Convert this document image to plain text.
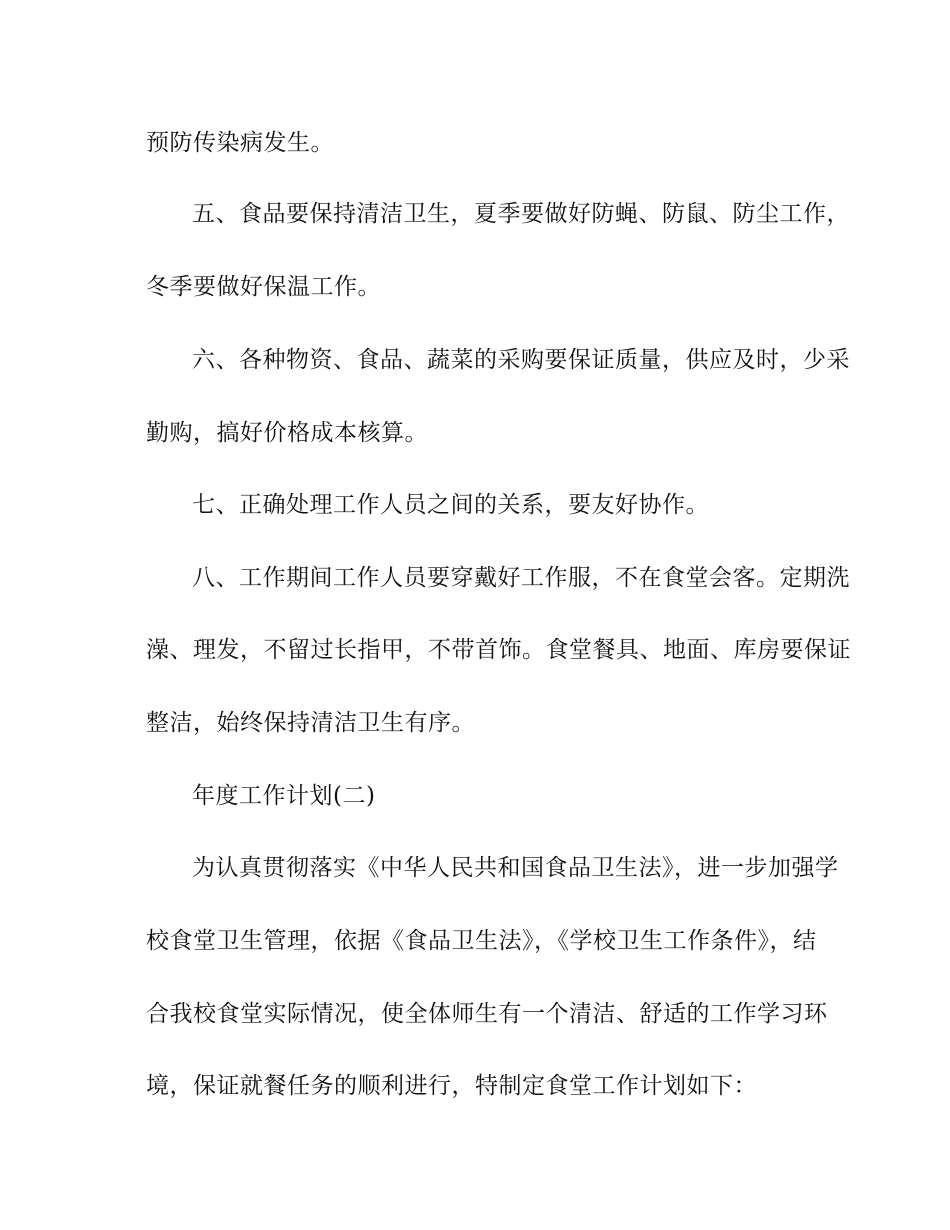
预防传染病发生。
五、食品要保持清洁卫生，夏季要做好防蝇、防鼠、防尘工作，
冬季要做好保温工作。
六、各种物资、食品、蔬菜的采购要保证质量，供应及时，少采
勤购，搞好价格成本核算。
七、正确处理工作人员之间的关系，要友好协作。
八、工作期间工作人员要穿戴好工作服，不在食堂会客。定期洗
澡、理发，不留过长指甲，不带首饰。食堂餐具、地面、库房要保证
整洁，始终保持清洁卫生有序。
年度工作计划(二)
为认真贯彻落实《中华人民共和国食品卫生法》，进一步加强学
校食堂卫生管理，依据《食品卫生法》，《学校卫生工作条件》，结
合我校食堂实际情况，使全体师生有一个清洁、舒适的工作学习环
境，保证就餐任务的顺利进行，特制定食堂工作计划如下：
